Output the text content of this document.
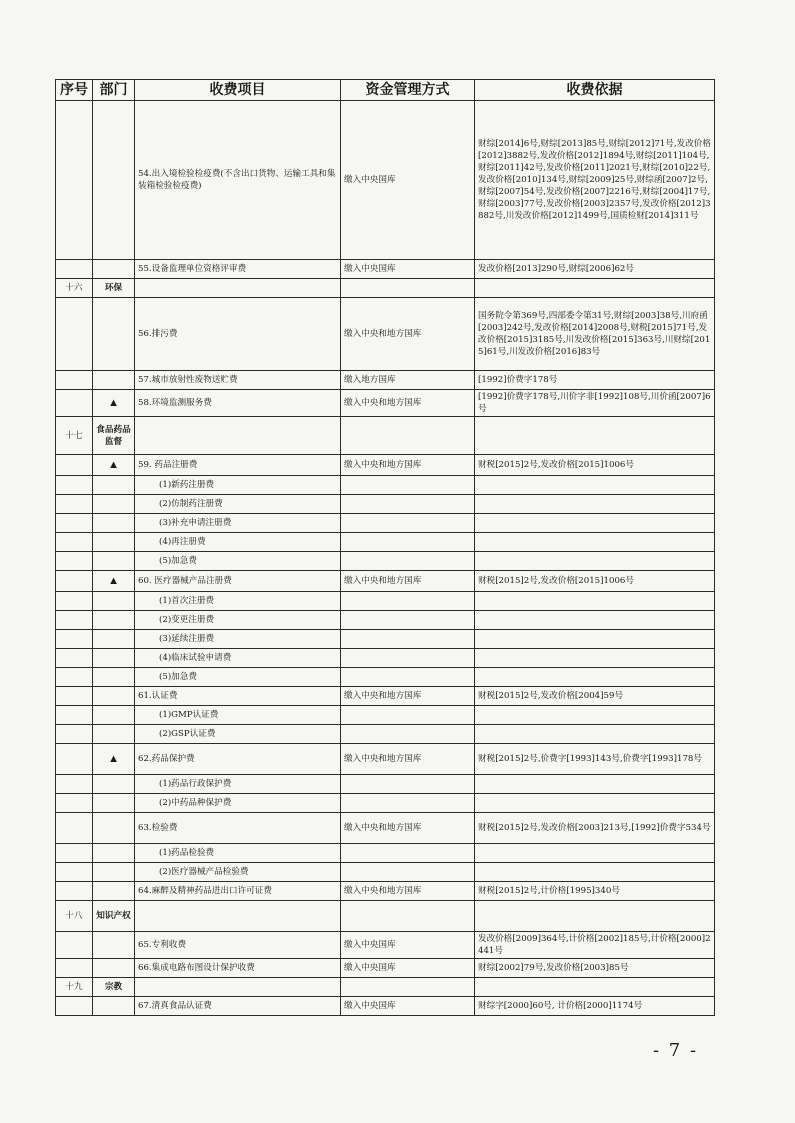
序号	部门	收费项目	资金管理方式	收费依据
		54.出入境检验检疫费(不含出口货物、运输工具和集装箱检验检疫费)	缴入中央国库	财综[2014]6号,财综[2013]85号,财综[2012]71号,发改价格[2012]3882号,发改价格[2012]1894号,财综[2011]104号,财综[2011]42号,发改价格[2011]2021号,财综[2010]22号,发改价格[2010]134号,财综[2009]25号,财综函[2007]2号,财综[2007]54号,发改价格[2007]2216号,财综[2004]17号,财综[2003]77号,发改价格[2003]2357号,发改价格[2012]3882号,川发改价格[2012]1499号,国质检财[2014]311号
		55.设备监理单位资格评审费	缴入中央国库	发改价格[2013]290号,财综[2006]62号
十六	环保			
		56.排污费	缴入中央和地方国库	国务院令第369号,四部委令第31号,财综[2003]38号,川府函[2003]242号,发改价格[2014]2008号,财税[2015]71号,发改价格[2015]3185号,川发改价格[2015]363号,川财综[2015]61号,川发改价格[2016]83号
		57.城市放射性废物送贮费	缴入地方国库	[1992]价费字178号
	▲	58.环境监测服务费	缴入中央和地方国库	[1992]价费字178号,川价字非[1992]108号,川价函[2007]6号
十七	食品药品监督			
	▲	59. 药品注册费	缴入中央和地方国库	财税[2015]2号,发改价格[2015]1006号
		(1)新药注册费		
		(2)仿制药注册费		
		(3)补充申请注册费		
		(4)再注册费		
		(5)加急费		
	▲	60. 医疗器械产品注册费	缴入中央和地方国库	财税[2015]2号,发改价格[2015]1006号
		(1)首次注册费		
		(2)变更注册费		
		(3)延续注册费		
		(4)临床试验申请费		
		(5)加急费		
		61.认证费	缴入中央和地方国库	财税[2015]2号,发改价格[2004]59号
		(1)GMP认证费		
		(2)GSP认证费		
	▲	62.药品保护费	缴入中央和地方国库	财税[2015]2号,价费字[1993]143号,价费字[1993]178号
		(1)药品行政保护费		
		(2)中药品种保护费		
		63.检验费	缴入中央和地方国库	财税[2015]2号,发改价格[2003]213号,[1992]价费字534号
		(1)药品检验费		
		(2)医疗器械产品检验费		
		64.麻醉及精神药品进出口许可证费	缴入中央和地方国库	财税[2015]2号,计价格[1995]340号
十八	知识产权			
		65.专利收费	缴入中央国库	发改价格[2009]364号,计价格[2002]185号,计价格[2000]2441号
		66.集成电路布图设计保护收费	缴入中央国库	财综[2002]79号,发改价格[2003]85号
十九	宗教			
		67.清真食品认证费	缴入中央国库	财综字[2000]60号, 计价格[2000]1174号
- 7 -
